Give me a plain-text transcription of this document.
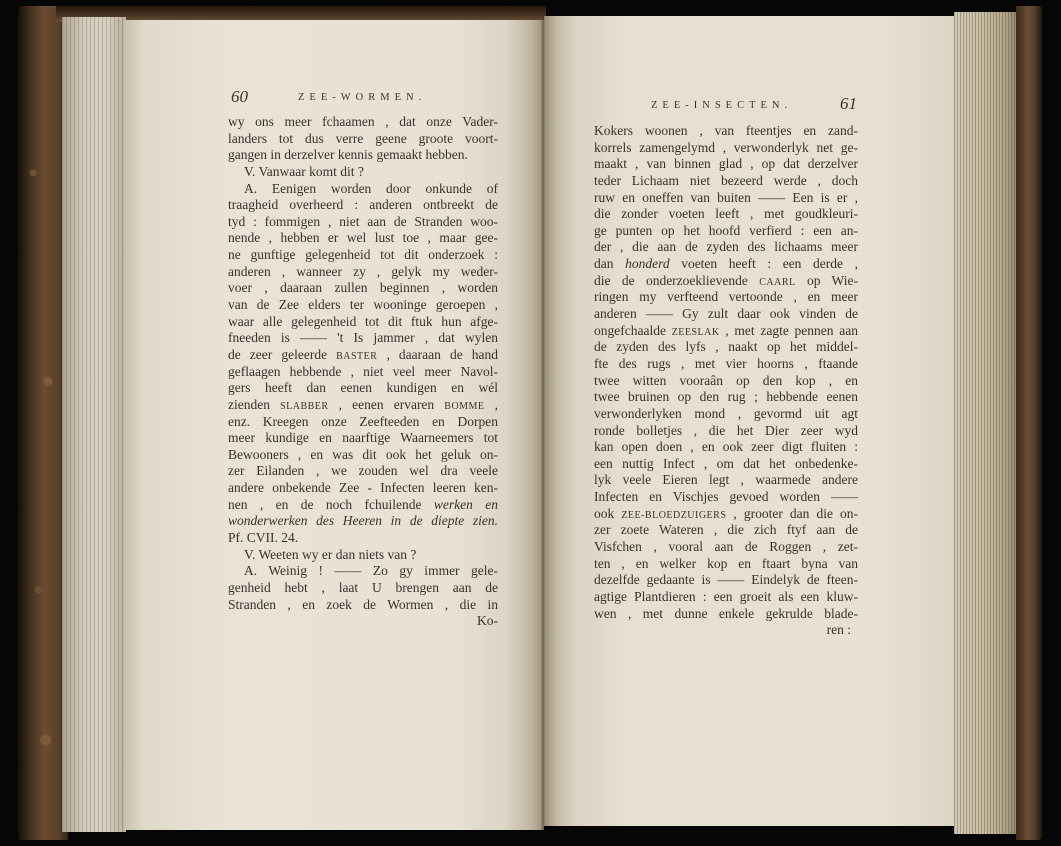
60	ZEE-WORMEN.
ZEE-INSECTEN.	61
wy ons meer fchaamen , dat onze Vader-
landers tot dus verre geene groote voort-
gangen in derzelver kennis gemaakt hebben.
V. Vanwaar komt dit ?
A. Eenigen worden door onkunde of
traagheid overheerd : anderen ontbreekt de
tyd : fommigen , niet aan de Stranden woo-
nende , hebben er wel lust toe , maar gee-
ne gunftige gelegenheid tot dit onderzoek :
anderen , wanneer zy , gelyk my weder-
voer , daaraan zullen beginnen , worden
van de Zee elders ter wooninge geroepen ,
waar alle gelegenheid tot dit ftuk hun afge-
fneeden is —— 't Is jammer , dat wylen
de zeer geleerde BASTER , daaraan de hand
geflaagen hebbende , niet veel meer Navol-
gers heeft dan eenen kundigen en wél
zienden SLABBER , eenen ervaren BOMME ,
enz. Kreegen onze Zeefteeden en Dorpen
meer kundige en naarftige Waarneemers tot
Bewooners , en was dit ook het geluk on-
zer Eilanden , we zouden wel dra veele
andere onbekende Zee - Infecten leeren ken-
nen , en de noch fchuilende werken en
wonderwerken des Heeren in de diepte zien.
Pf. CVII. 24.
V. Weeten wy er dan niets van ?
A. Weinig ! —— Zo gy immer gele-
genheid hebt , laat U brengen aan de
Stranden , en zoek de Wormen , die in
Ko-
Kokers woonen , van fteentjes en zand-
korrels zamengelymd , verwonderlyk net ge-
maakt , van binnen glad , op dat derzelver
teder Lichaam niet bezeerd werde , doch
ruw en oneffen van buiten —— Een is er ,
die zonder voeten leeft , met goudkleuri-
ge punten op het hoofd verfierd : een an-
der , die aan de zyden des lichaams meer
dan honderd voeten heeft : een derde ,
die de onderzoeklievende CAARL op Wie-
ringen my verfteend vertoonde , en meer
anderen —— Gy zult daar ook vinden de
ongefchaalde ZEESLAK , met zagte pennen aan
de zyden des lyfs , naakt op het middel-
fte des rugs , met vier hoorns , ftaande
twee witten vooraân op den kop , en
twee bruinen op den rug ; hebbende eenen
verwonderlyken mond , gevormd uit agt
ronde bolletjes , die het Dier zeer wyd
kan open doen , en ook zeer digt fluiten :
een nuttig Infect , om dat het onbedenke-
lyk veele Eieren legt , waarmede andere
Infecten en Vischjes gevoed worden ——
ook ZEE-BLOEDZUIGERS , grooter dan die on-
zer zoete Wateren , die zich ftyf aan de
Visfchen , vooral aan de Roggen , zet-
ten , en welker kop en ftaart byna van
dezelfde gedaante is —— Eindelyk de fteen-
agtige Plantdieren : een groeit als een kluw-
wen , met dunne enkele gekrulde blade-
ren :
